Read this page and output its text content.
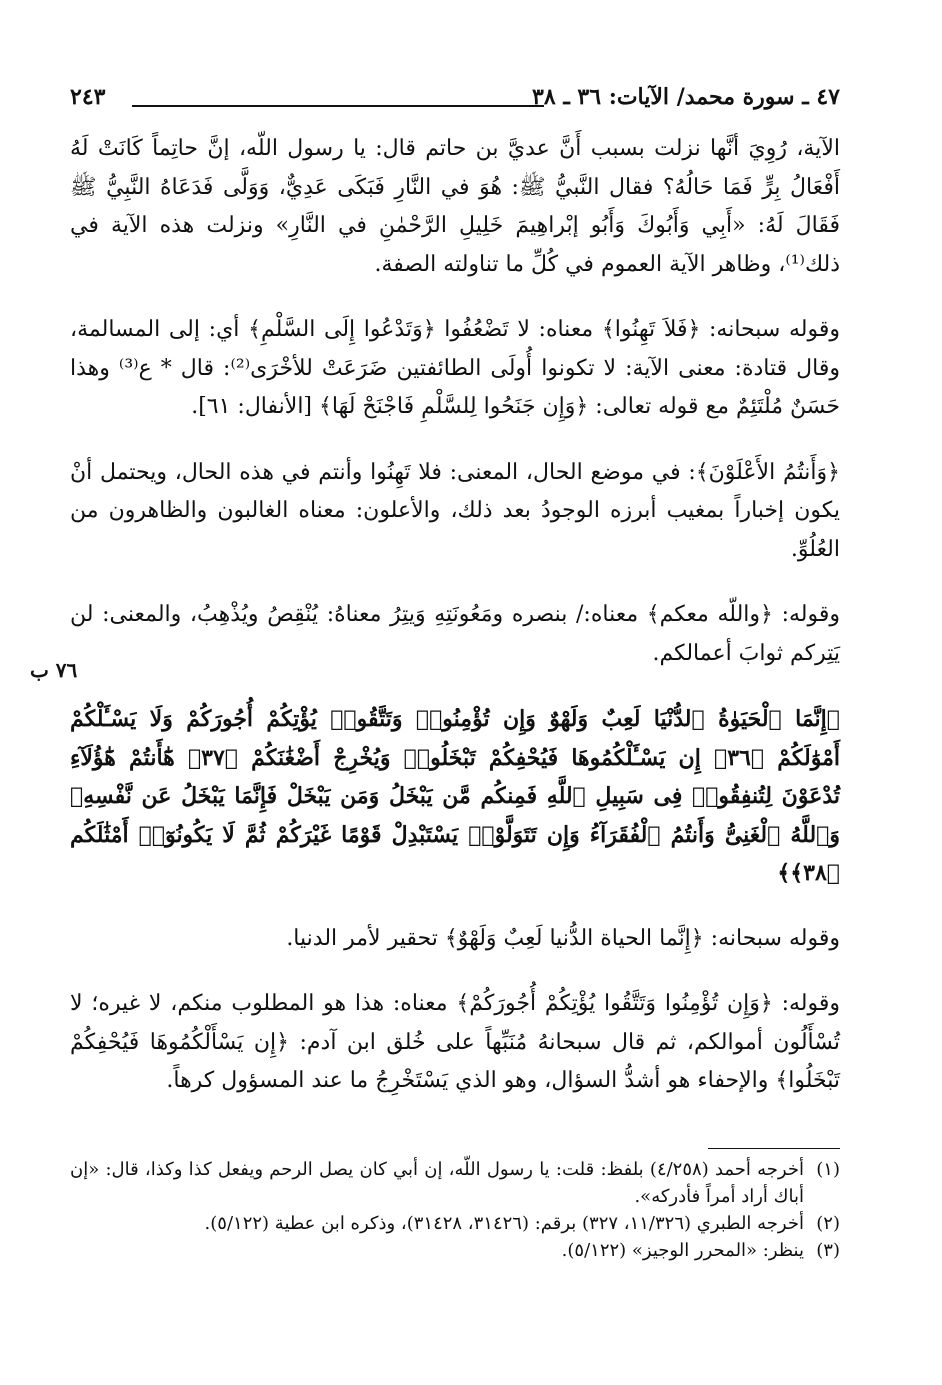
٤٧ ـ سورة محمد/ الآيات: ٣٦ ـ ٣٨
٢٤٣

الآية، رُوِيَ أنَّها نزلت بسبب أَنَّ عديَّ بن حاتم قال: يا رسول اللّه، إنَّ حاتِماً كَانَتْ لَهُ أَفْعَالُ بِرٍّ فَمَا حَالُهُ؟ فقال النَّبيُّ ﷺ: هُوَ في النَّارِ فَبَكَى عَدِيٌّ، وَوَلَّى فَدَعَاهُ النَّبِيُّ ﷺ فَقَالَ لَهُ: «أَبِي وَأَبُوكَ وَأَبُو إبْراهِيمَ خَلِيلِ الرَّحْمٰنِ في النَّارِ» ونزلت هذه الآية في ذلك⁽¹⁾، وظاهر الآية العموم في كُلِّ ما تناولته الصفة.

وقوله سبحانه: ﴿فَلاَ تَهِنُوا﴾ معناه: لا تَضْعُفُوا ﴿وَتَدْعُوا إِلَى السَّلْمِ﴾ أي: إلى المسالمة، وقال قتادة: معنى الآية: لا تكونوا أُولَى الطائفتين ضَرَعَتْ للأخْرَى⁽²⁾: قال * ع⁽³⁾ وهذا حَسَنٌ مُلْتَئِمٌ مع قوله تعالى: ﴿وَإِن جَنَحُوا لِلسَّلْمِ فَاجْنَحْ لَهَا﴾ [الأنفال: ٦١].

﴿وَأَنتُمُ الأَعْلَوْنَ﴾: في موضع الحال، المعنى: فلا تَهِنُوا وأنتم في هذه الحال، ويحتمل أنْ يكون إخباراً بمغيب أبرزه الوجودُ بعد ذلك، والأعلون: معناه الغالبون والظاهرون من العُلُوِّ.

وقوله: ﴿واللّه معكم﴾ معناه:/ بنصره ومَعُونَتِهِ وَيتِرُ معناهُ: يُنْقِصُ ويُذْهِبُ، والمعنى: لن يَتِركم ثوابَ أعمالكم.

﴿إِنَّمَا ٱلْحَيَوٰةُ ٱلدُّنْيَا لَعِبٌ وَلَهْوٌ وَإِن تُؤْمِنُوا۟ وَتَتَّقُوا۟ يُؤْتِكُمْ أُجُورَكُمْ وَلَا يَسْـَٔلْكُمْ أَمْوَٰلَكُمْ ﴿٣٦﴾ إِن يَسْـَٔلْكُمُوهَا فَيُحْفِكُمْ تَبْخَلُوا۟ وَيُخْرِجْ أَضْغَٰنَكُمْ ﴿٣٧﴾ هَٰٓأَنتُمْ هَٰٓؤُلَآءِ تُدْعَوْنَ لِتُنفِقُوا۟ فِى سَبِيلِ ٱللَّهِ فَمِنكُم مَّن يَبْخَلُ وَمَن يَبْخَلْ فَإِنَّمَا يَبْخَلُ عَن نَّفْسِهِۦ وَٱللَّهُ ٱلْغَنِىُّ وَأَنتُمُ ٱلْفُقَرَآءُ وَإِن تَتَوَلَّوْا۟ يَسْتَبْدِلْ قَوْمًا غَيْرَكُمْ ثُمَّ لَا يَكُونُوٓا۟ أَمْثَٰلَكُم ﴿٣٨﴾﴾

وقوله سبحانه: ﴿إِنَّما الحياة الدُّنيا لَعِبٌ وَلَهْوٌ﴾ تحقير لأمر الدنيا.

وقوله: ﴿وَإِن تُؤْمِنُوا وَتَتَّقُوا يُؤْتِكُمْ أُجُورَكُمْ﴾ معناه: هذا هو المطلوب منكم، لا غيره؛ لا تُسْأَلُون أموالكم، ثم قال سبحانهُ مُنَبِّهاً على خُلق ابن آدم: ﴿إِن يَسْأَلْكُمُوهَا فَيُحْفِكُمْ تَبْخَلُوا﴾ والإحفاء هو أشدُّ السؤال، وهو الذي يَسْتَخْرِجُ ما عند المسؤول كرهاً.

(١)
أخرجه أحمد (٤/٢٥٨) بلفظ: قلت: يا رسول اللّه، إن أبي كان يصل الرحم ويفعل كذا وكذا، قال: «إن أباك أراد أمراً فأدركه».
(٢)
أخرجه الطبري (١١/٣٢٦، ٣٢٧) برقم: (٣١٤٢٦، ٣١٤٢٨)، وذكره ابن عطية (٥/١٢٢).
(٣)
ينظر: «المحرر الوجيز» (٥/١٢٢).
٧٦ ب
